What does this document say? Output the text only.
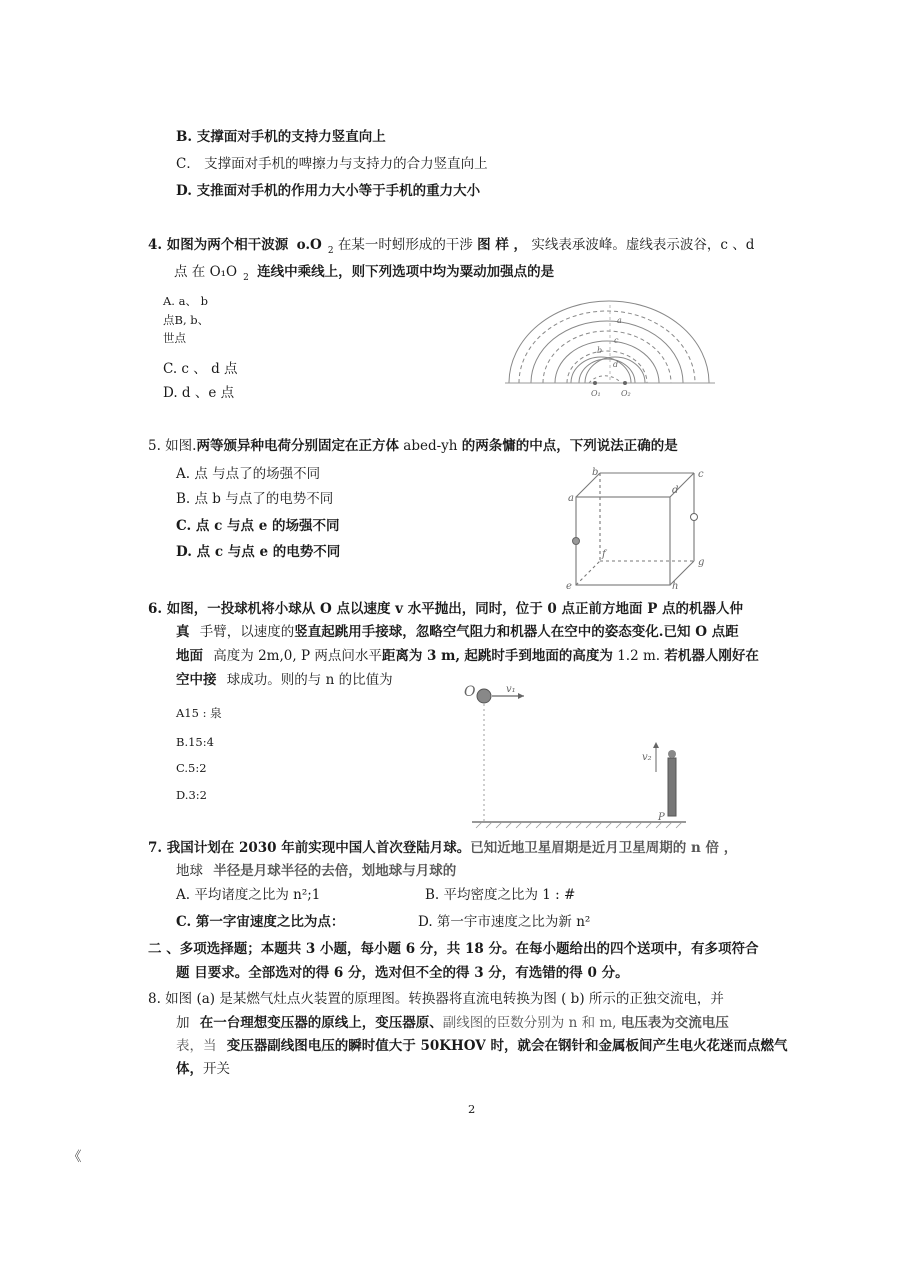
B. 支撑面对手机的支持力竖直向上
C． 支撑面对手机的啤擦力与支持力的合力竖直向上
D. 支推面对手机的作用力大小等于手机的重力大小
4. 如图为两个相干波源 o.O $_2$ 在某一时蚓形成的干涉 图 样 ， 实线表承波峰。虚线表示波谷，c 、d
点 在 O₁O $_2$ 连线中乘线上，则下列选项中均为粟动加强点的是
A. a、 b
点B, b、
世点
C. c 、 d 点
D. d 、e 点
a
b
c
d
O₁	O₂
5. 如图.两等颁异种电荷分别固定在正方体 abed-yh 的两条慵的中点，下列说法正确的是
A. 点 与点了的场强不同
B. 点 b 与点了的电势不同
C. 点 c 与点 e 的场强不同
D. 点 c 与点 e 的电势不同
a
b	c
d
e
f
g
h
6. 如图，一投球机将小球从 O 点以速度 v 水平抛出，同时，位于 0 点正前方地面 P 点的机器人仲
真 手臂，以速度的竖直起跳用手接球，忽略空气阻力和机器人在空中的姿态变化.已知 O 点距
地面 高度为 2m,0, P 两点问水平距离为 3 m, 起跳时手到地面的高度为 1.2 m. 若机器人刚好在
空中接 球成功。则的与 n 的比值为
A15 : 泉
B.15:4
C.5:2
D.3:2
O	v₁
v₂
P
7. 我国计划在 2030 年前实现中国人首次登陆月球。已知近地卫星眉期是近月卫星周期的 n 倍 ，
地球 半径是月球半径的去倍，划地球与月球的
A. 平均诸度之比为 n²;1	B. 平均密度之比为 1 : #
C. 第一字宙速度之比为点：	D. 第一宇市速度之比为新 n²
二 、多项选择题；本题共 3 小题，每小题 6 分，共 18 分。在每小题给出的四个送项中，有多项符合
题 目要求。全部选对的得 6 分，选对但不全的得 3 分，有选错的得 0 分。
8. 如图 (a) 是某燃气灶点火装置的原理图。转换器将直流电转换为图 ( b) 所示的正独交流电，并
加 在一台理想变压器的原线上，变压器原、副线图的臣数分别为 n 和 m, 电压表为交流电压
表，当 变压器副线图电压的瞬时值大于 50KHOV 时，就会在钢针和金属板间产生电火花迷而点燃气
体，开关
2
《
